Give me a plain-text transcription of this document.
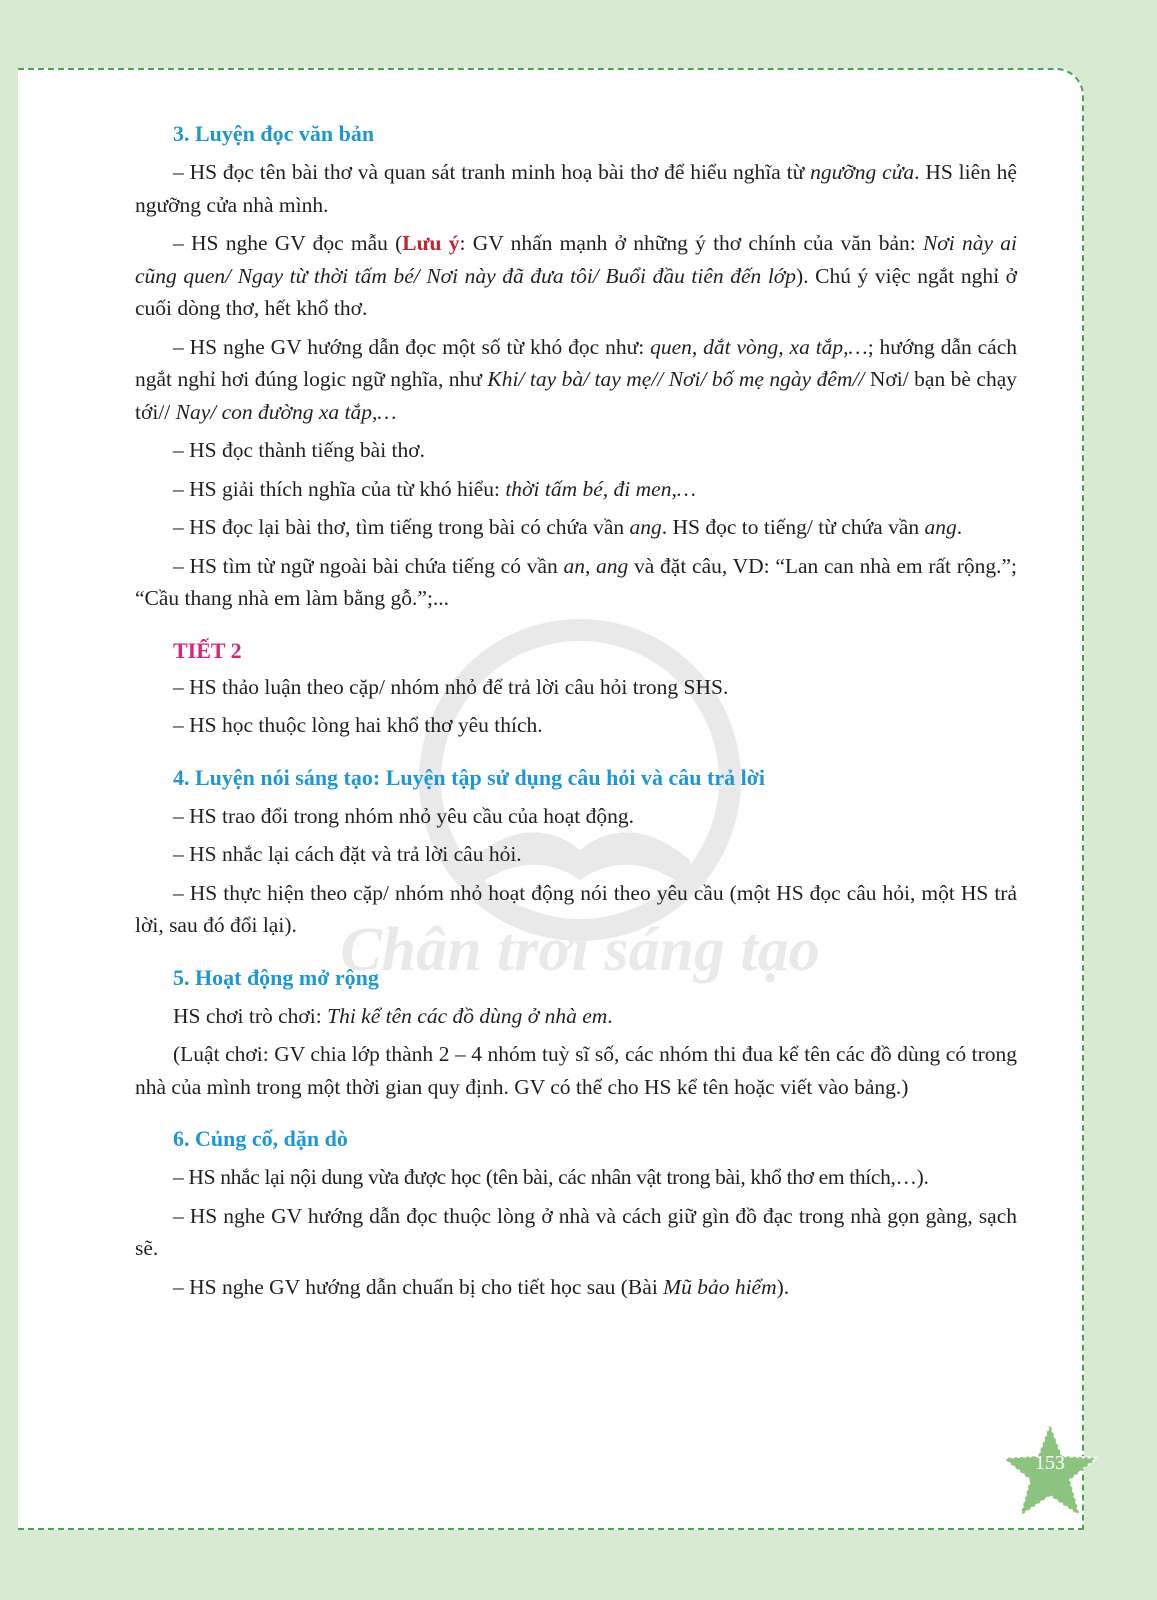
3. Luyện đọc văn bản
– HS đọc tên bài thơ và quan sát tranh minh hoạ bài thơ để hiểu nghĩa từ ngưỡng cửa. HS liên hệ ngưỡng cửa nhà mình.
– HS nghe GV đọc mẫu (Lưu ý: GV nhấn mạnh ở những ý thơ chính của văn bản: Nơi này ai cũng quen/ Ngay từ thời tấm bé/ Nơi này đã đưa tôi/ Buổi đầu tiên đến lớp). Chú ý việc ngắt nghỉ ở cuối dòng thơ, hết khổ thơ.
– HS nghe GV hướng dẫn đọc một số từ khó đọc như: quen, dắt vòng, xa tắp,…; hướng dẫn cách ngắt nghỉ hơi đúng logic ngữ nghĩa, như Khi/ tay bà/ tay mẹ// Nơi/ bố mẹ ngày đêm// Nơi/ bạn bè chạy tới// Nay/ con đường xa tắp,…
– HS đọc thành tiếng bài thơ.
– HS giải thích nghĩa của từ khó hiểu: thời tấm bé, đi men,…
– HS đọc lại bài thơ, tìm tiếng trong bài có chứa vần ang. HS đọc to tiếng/ từ chứa vần ang.
– HS tìm từ ngữ ngoài bài chứa tiếng có vần an, ang và đặt câu, VD: “Lan can nhà em rất rộng.”; “Cầu thang nhà em làm bằng gỗ.”;...
TIẾT 2
– HS thảo luận theo cặp/ nhóm nhỏ để trả lời câu hỏi trong SHS.
– HS học thuộc lòng hai khổ thơ yêu thích.
4. Luyện nói sáng tạo: Luyện tập sử dụng câu hỏi và câu trả lời
– HS trao đổi trong nhóm nhỏ yêu cầu của hoạt động.
– HS nhắc lại cách đặt và trả lời câu hỏi.
– HS thực hiện theo cặp/ nhóm nhỏ hoạt động nói theo yêu cầu (một HS đọc câu hỏi, một HS trả lời, sau đó đổi lại).
5. Hoạt động mở rộng
HS chơi trò chơi: Thi kể tên các đồ dùng ở nhà em.
(Luật chơi: GV chia lớp thành 2 – 4 nhóm tuỳ sĩ số, các nhóm thi đua kể tên các đồ dùng có trong nhà của mình trong một thời gian quy định. GV có thể cho HS kể tên hoặc viết vào bảng.)
6. Củng cố, dặn dò
– HS nhắc lại nội dung vừa được học (tên bài, các nhân vật trong bài, khổ thơ em thích,…).
– HS nghe GV hướng dẫn đọc thuộc lòng ở nhà và cách giữ gìn đồ đạc trong nhà gọn gàng, sạch sẽ.
– HS nghe GV hướng dẫn chuẩn bị cho tiết học sau (Bài Mũ bảo hiểm).
153
